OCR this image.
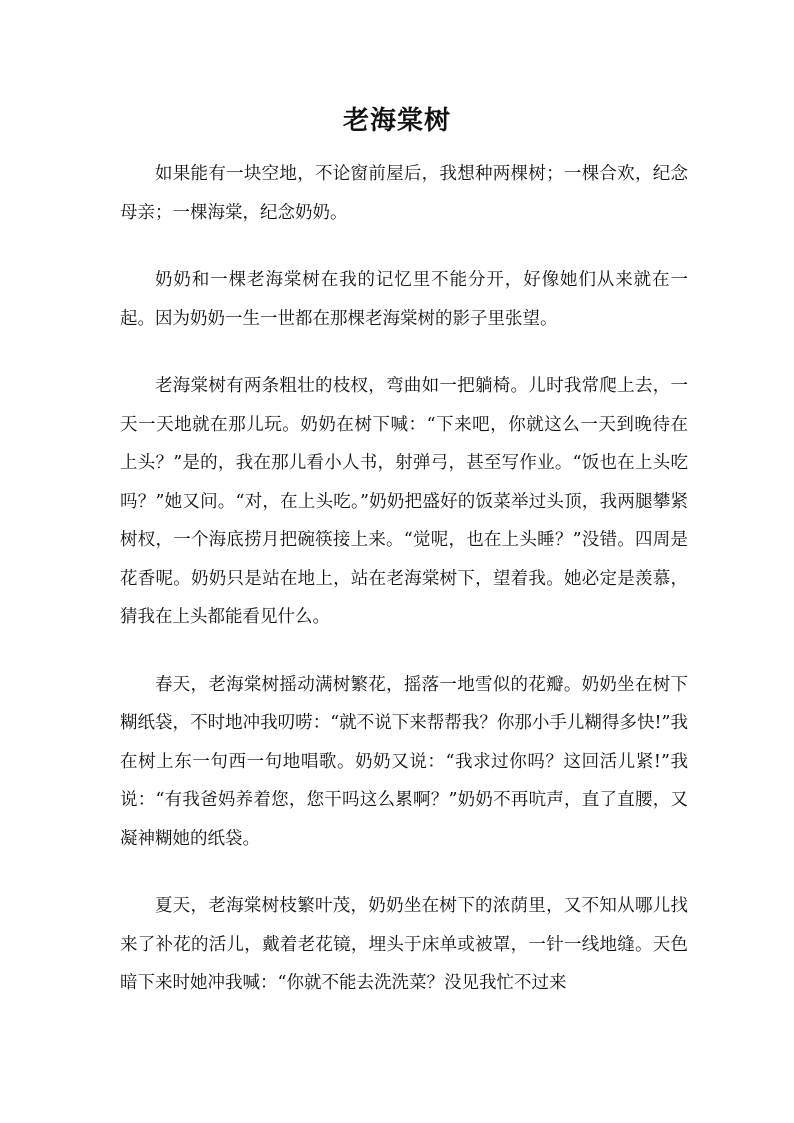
老海棠树

如果能有一块空地，不论窗前屋后，我想种两棵树；一棵合欢，纪念母亲；一棵海棠，纪念奶奶。

奶奶和一棵老海棠树在我的记忆里不能分开，好像她们从来就在一起。因为奶奶一生一世都在那棵老海棠树的影子里张望。

老海棠树有两条粗壮的枝杈，弯曲如一把躺椅。儿时我常爬上去，一天一天地就在那儿玩。奶奶在树下喊：“下来吧，你就这么一天到晚待在上头？”是的，我在那儿看小人书，射弹弓，甚至写作业。“饭也在上头吃吗？”她又问。“对，在上头吃。”奶奶把盛好的饭菜举过头顶，我两腿攀紧树杈，一个海底捞月把碗筷接上来。“觉呢，也在上头睡？”没错。四周是花香呢。奶奶只是站在地上，站在老海棠树下，望着我。她必定是羡慕，猜我在上头都能看见什么。

春天，老海棠树摇动满树繁花，摇落一地雪似的花瓣。奶奶坐在树下糊纸袋，不时地冲我叨唠：“就不说下来帮帮我？你那小手儿糊得多快!”我在树上东一句西一句地唱歌。奶奶又说：“我求过你吗？这回活儿紧!”我说：“有我爸妈养着您，您干吗这么累啊？”奶奶不再吭声，直了直腰，又凝神糊她的纸袋。

夏天，老海棠树枝繁叶茂，奶奶坐在树下的浓荫里，又不知从哪儿找来了补花的活儿，戴着老花镜，埋头于床单或被罩，一针一线地缝。天色暗下来时她冲我喊：“你就不能去洗洗菜？没见我忙不过来
